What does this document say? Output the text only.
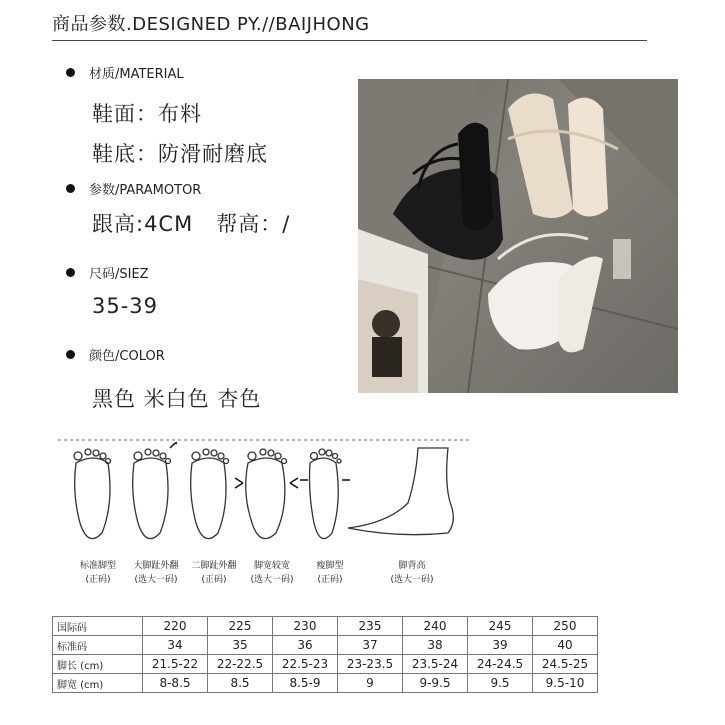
商品参数.DESIGNED PY.//BAIJHONG
材质/MATERIAL
鞋面：布料
鞋底：防滑耐磨底
参数/PARAMOTOR
跟高:4CM   帮高：/
尺码/SIEZ
35-39
颜色/COLOR
黑色 米白色 杏色
标准脚型
(正码)
大脚趾外翻
(选大一码)
二脚趾外翻
(正码)
脚宽较宽
(选大一码)
瘦脚型
(正码)
脚背高
(选大一码)
国际码	220	225	230	235	240	245	250
标准码	34	35	36	37	38	39	40
脚长 (cm)	21.5-22	22-22.5	22.5-23	23-23.5	23.5-24	24-24.5	24.5-25
脚宽 (cm)	8-8.5	8.5	8.5-9	9	9-9.5	9.5	9.5-10
